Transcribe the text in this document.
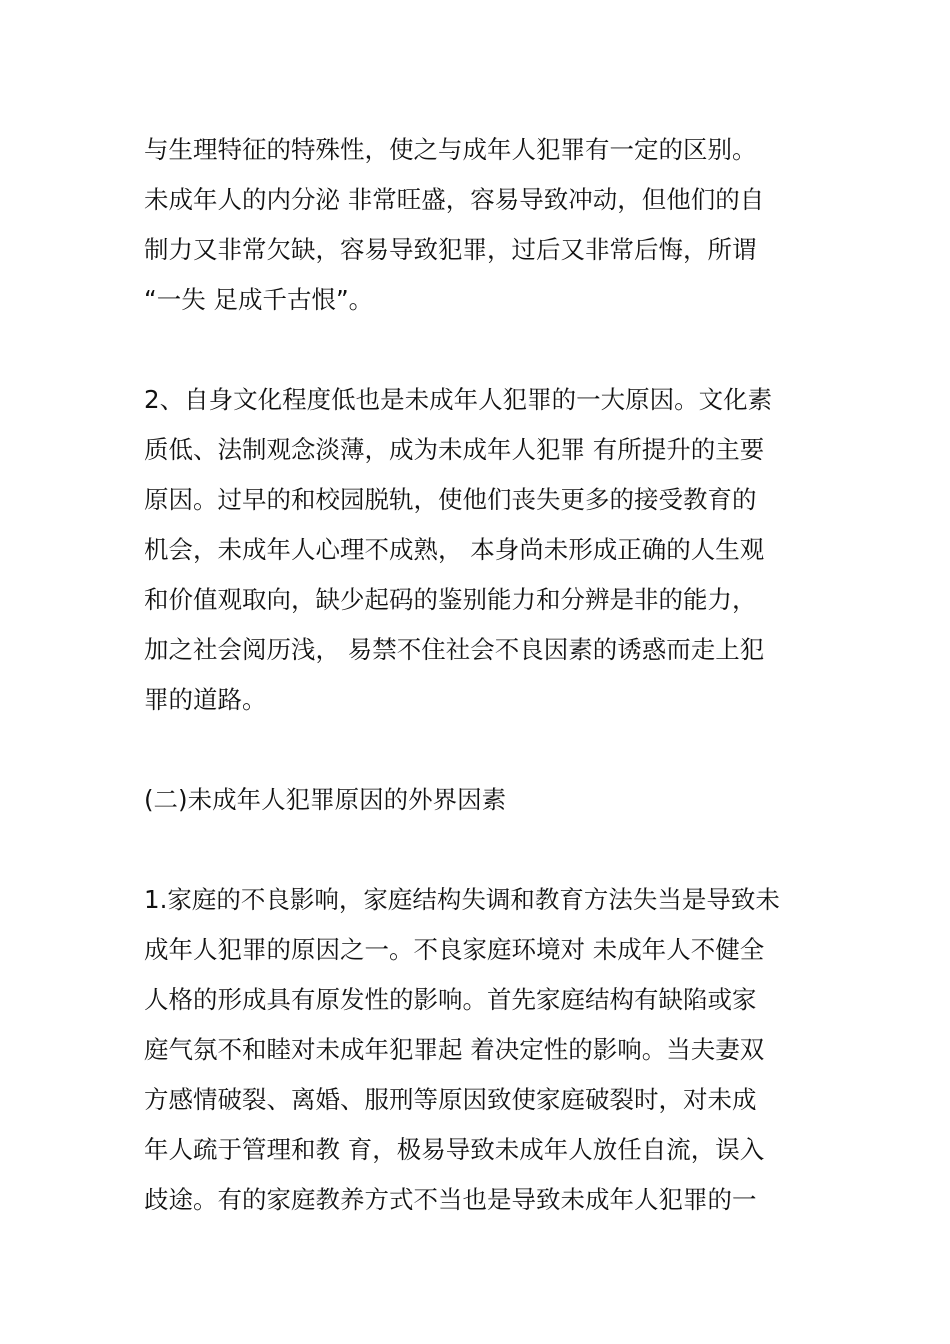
与生理特征的特殊性，使之与成年人犯罪有一定的区别。
未成年人的内分泌 非常旺盛，容易导致冲动，但他们的自
制力又非常欠缺，容易导致犯罪，过后又非常后悔，所谓
“一失 足成千古恨”。
2、自身文化程度低也是未成年人犯罪的一大原因。文化素
质低、法制观念淡薄，成为未成年人犯罪 有所提升的主要
原因。过早的和校园脱轨，使他们丧失更多的接受教育的
机会，未成年人心理不成熟， 本身尚未形成正确的人生观
和价值观取向，缺少起码的鉴别能力和分辨是非的能力，
加之社会阅历浅， 易禁不住社会不良因素的诱惑而走上犯
罪的道路。
(二)未成年人犯罪原因的外界因素
1.家庭的不良影响，家庭结构失调和教育方法失当是导致未
成年人犯罪的原因之一。不良家庭环境对 未成年人不健全
人格的形成具有原发性的影响。首先家庭结构有缺陷或家
庭气氛不和睦对未成年犯罪起 着决定性的影响。当夫妻双
方感情破裂、离婚、服刑等原因致使家庭破裂时，对未成
年人疏于管理和教 育，极易导致未成年人放任自流，误入
歧途。有的家庭教养方式不当也是导致未成年人犯罪的一
